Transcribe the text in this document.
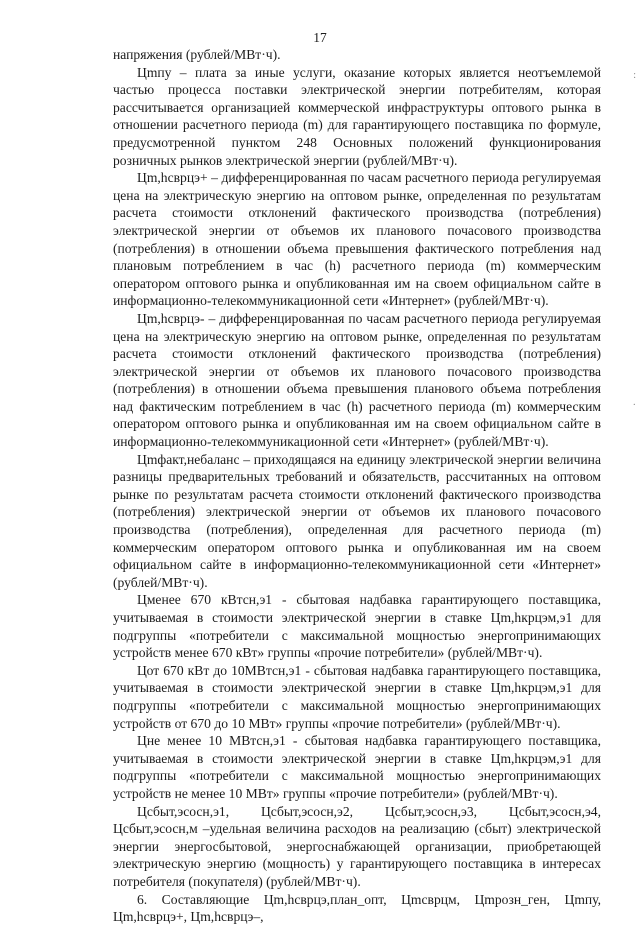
17

напряжения (рублей/МВт·ч).

Цmпу – плата за иные услуги, оказание которых является неотъемлемой частью процесса поставки электрической энергии потребителям, которая рассчитывается организацией коммерческой инфраструктуры оптового рынка в отношении расчетного периода (m) для гарантирующего поставщика по формуле, предусмотренной пунктом 248 Основных положений функционирования розничных рынков электрической энергии (рублей/МВт·ч).

Цm,hсврцэ+ – дифференцированная по часам расчетного периода регулируемая цена на электрическую энергию на оптовом рынке, определенная по результатам расчета стоимости отклонений фактического производства (потребления) электрической энергии от объемов их планового почасового производства (потребления) в отношении объема превышения фактического потребления над плановым потреблением в час (h) расчетного периода (m) коммерческим оператором оптового рынка и опубликованная им на своем официальном сайте в информационно-телекоммуникационной сети «Интернет» (рублей/МВт·ч).

Цm,hсврцэ- – дифференцированная по часам расчетного периода регулируемая цена на электрическую энергию на оптовом рынке, определенная по результатам расчета стоимости отклонений фактического производства (потребления) электрической энергии от объемов их планового почасового производства (потребления) в отношении объема превышения планового объема потребления над фактическим потреблением в час (h) расчетного периода (m) коммерческим оператором оптового рынка и опубликованная им на своем официальном сайте в информационно-телекоммуникационной сети «Интернет» (рублей/МВт·ч).

Цmфакт,небаланс – приходящаяся на единицу электрической энергии величина разницы предварительных требований и обязательств, рассчитанных на оптовом рынке по результатам расчета стоимости отклонений фактического производства (потребления) электрической энергии от объемов их планового почасового производства (потребления), определенная для расчетного периода (m) коммерческим оператором оптового рынка и опубликованная им на своем официальном сайте в информационно-телекоммуникационной сети «Интернет» (рублей/МВт·ч).

Цменее 670 кВтсн,э1 - сбытовая надбавка гарантирующего поставщика, учитываемая в стоимости электрической энергии в ставке Цm,hкрцэм,э1 для подгруппы «потребители с максимальной мощностью энергопринимающих устройств менее 670 кВт» группы «прочие потребители» (рублей/МВт·ч).

Цот 670 кВт до 10МВтсн,э1 - сбытовая надбавка гарантирующего поставщика, учитываемая в стоимости электрической энергии в ставке Цm,hкрцэм,э1 для подгруппы «потребители с максимальной мощностью энергопринимающих устройств от 670 до 10 МВт» группы «прочие потребители» (рублей/МВт·ч).

Цне менее 10 МВтсн,э1 - сбытовая надбавка гарантирующего поставщика, учитываемая в стоимости электрической энергии в ставке Цm,hкрцэм,э1 для подгруппы «потребители с максимальной мощностью энергопринимающих устройств не менее 10 МВт» группы «прочие потребители» (рублей/МВт·ч).

Цсбыт,эсосн,э1, Цсбыт,эсосн,э2, Цсбыт,эсосн,э3, Цсбыт,эсосн,э4, Цсбыт,эсосн,м –удельная величина расходов на реализацию (сбыт) электрической энергии энергосбытовой, энергоснабжающей организации, приобретающей электрическую энергию (мощность) у гарантирующего поставщика в интересах потребителя (покупателя) (рублей/МВт·ч).

6. Составляющие Цm,hсврцэ,план_опт, Цmсврцм, Цmрозн_ген, Цmпу, Цm,hсврцэ+, Цm,hсврцэ–,

:
·
